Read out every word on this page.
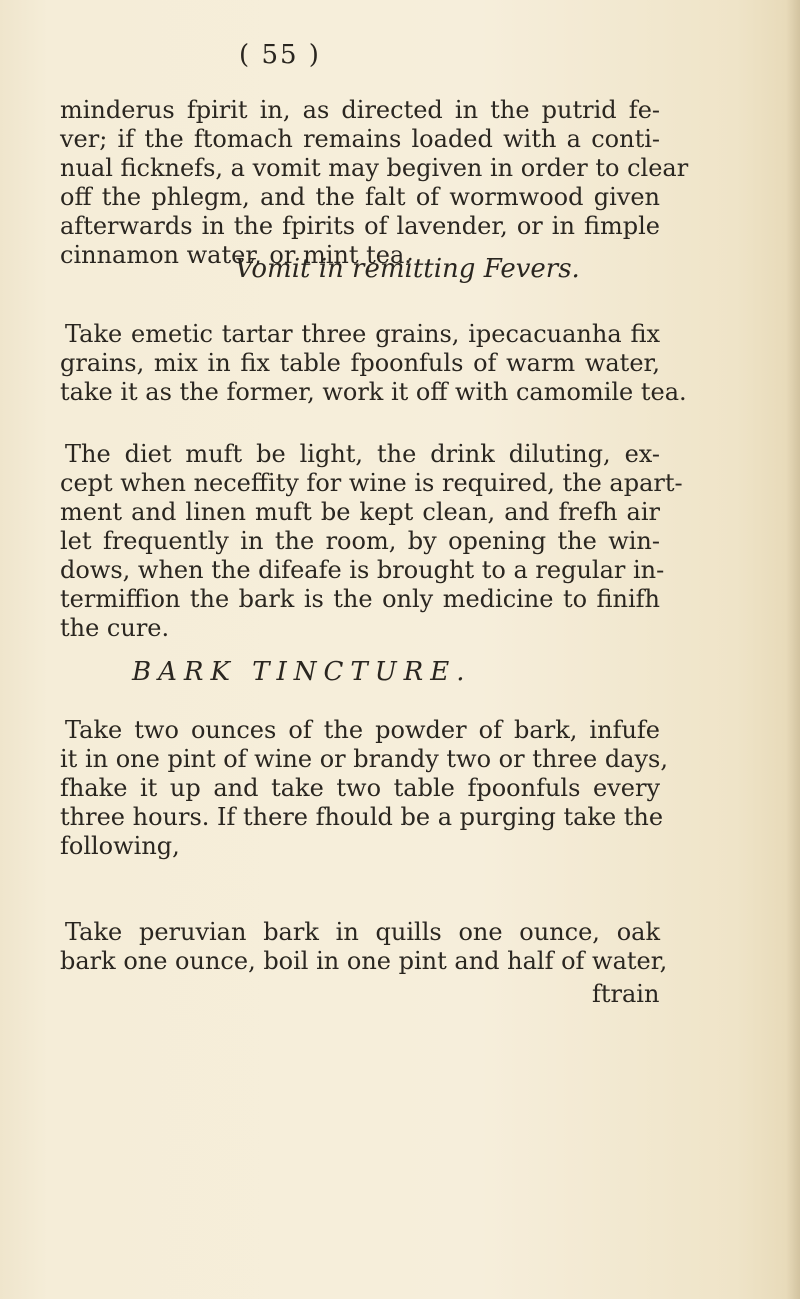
( 55 )
minderus fpirit in, as directed in the putrid fe-
ver; if the ftomach remains loaded with a conti-
nual ficknefs, a vomit may begiven in order to clear
off the phlegm, and the falt of wormwood given
afterwards in the fpirits of lavender, or in fimple
cinnamon water, or mint tea.
Vomit in remitting Fevers.
Take emetic tartar three grains, ipecacuanha fix
grains, mix in fix table fpoonfuls of warm water,
take it as the former, work it off with camomile tea.
The diet muft be light, the drink diluting, ex-
cept when neceffity for wine is required, the apart-
ment and linen muft be kept clean, and frefh air
let frequently in the room, by opening the win-
dows, when the difeafe is brought to a regular in-
termiffion the bark is the only medicine to finifh
the cure.
BARK TINCTURE.
Take two ounces of the powder of bark, infufe
it in one pint of wine or brandy two or three days,
fhake it up and take two table fpoonfuls every
three hours. If there fhould be a purging take the
following,
Take peruvian bark in quills one ounce, oak
bark one ounce, boil in one pint and half of water,
ftrain
